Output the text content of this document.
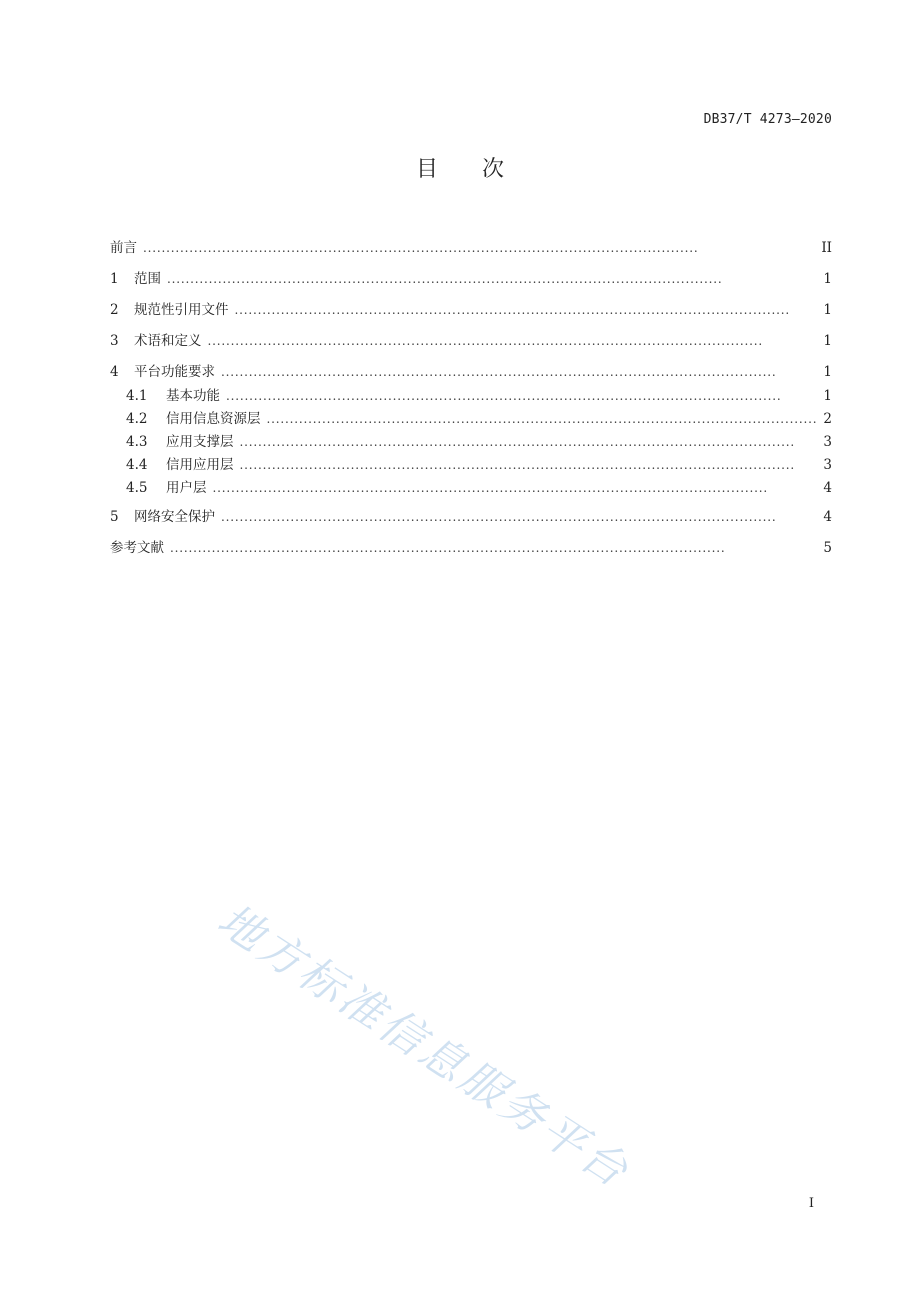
DB37/T 4273—2020
目次
前言 . . .	II
1	范围 . . .	1
2	规范性引用文件 . . .	1
3	术语和定义 . . .	1
4	平台功能要求 . . .	1
4.1	基本功能 . . .	1
4.2	信用信息资源层 . . .	2
4.3	应用支撑层 . . .	3
4.4	信用应用层 . . .	3
4.5	用户层 . . .	4
5	网络安全保护 . . .	4
参考文献 . . .	5
地方标准信息服务平台
I
